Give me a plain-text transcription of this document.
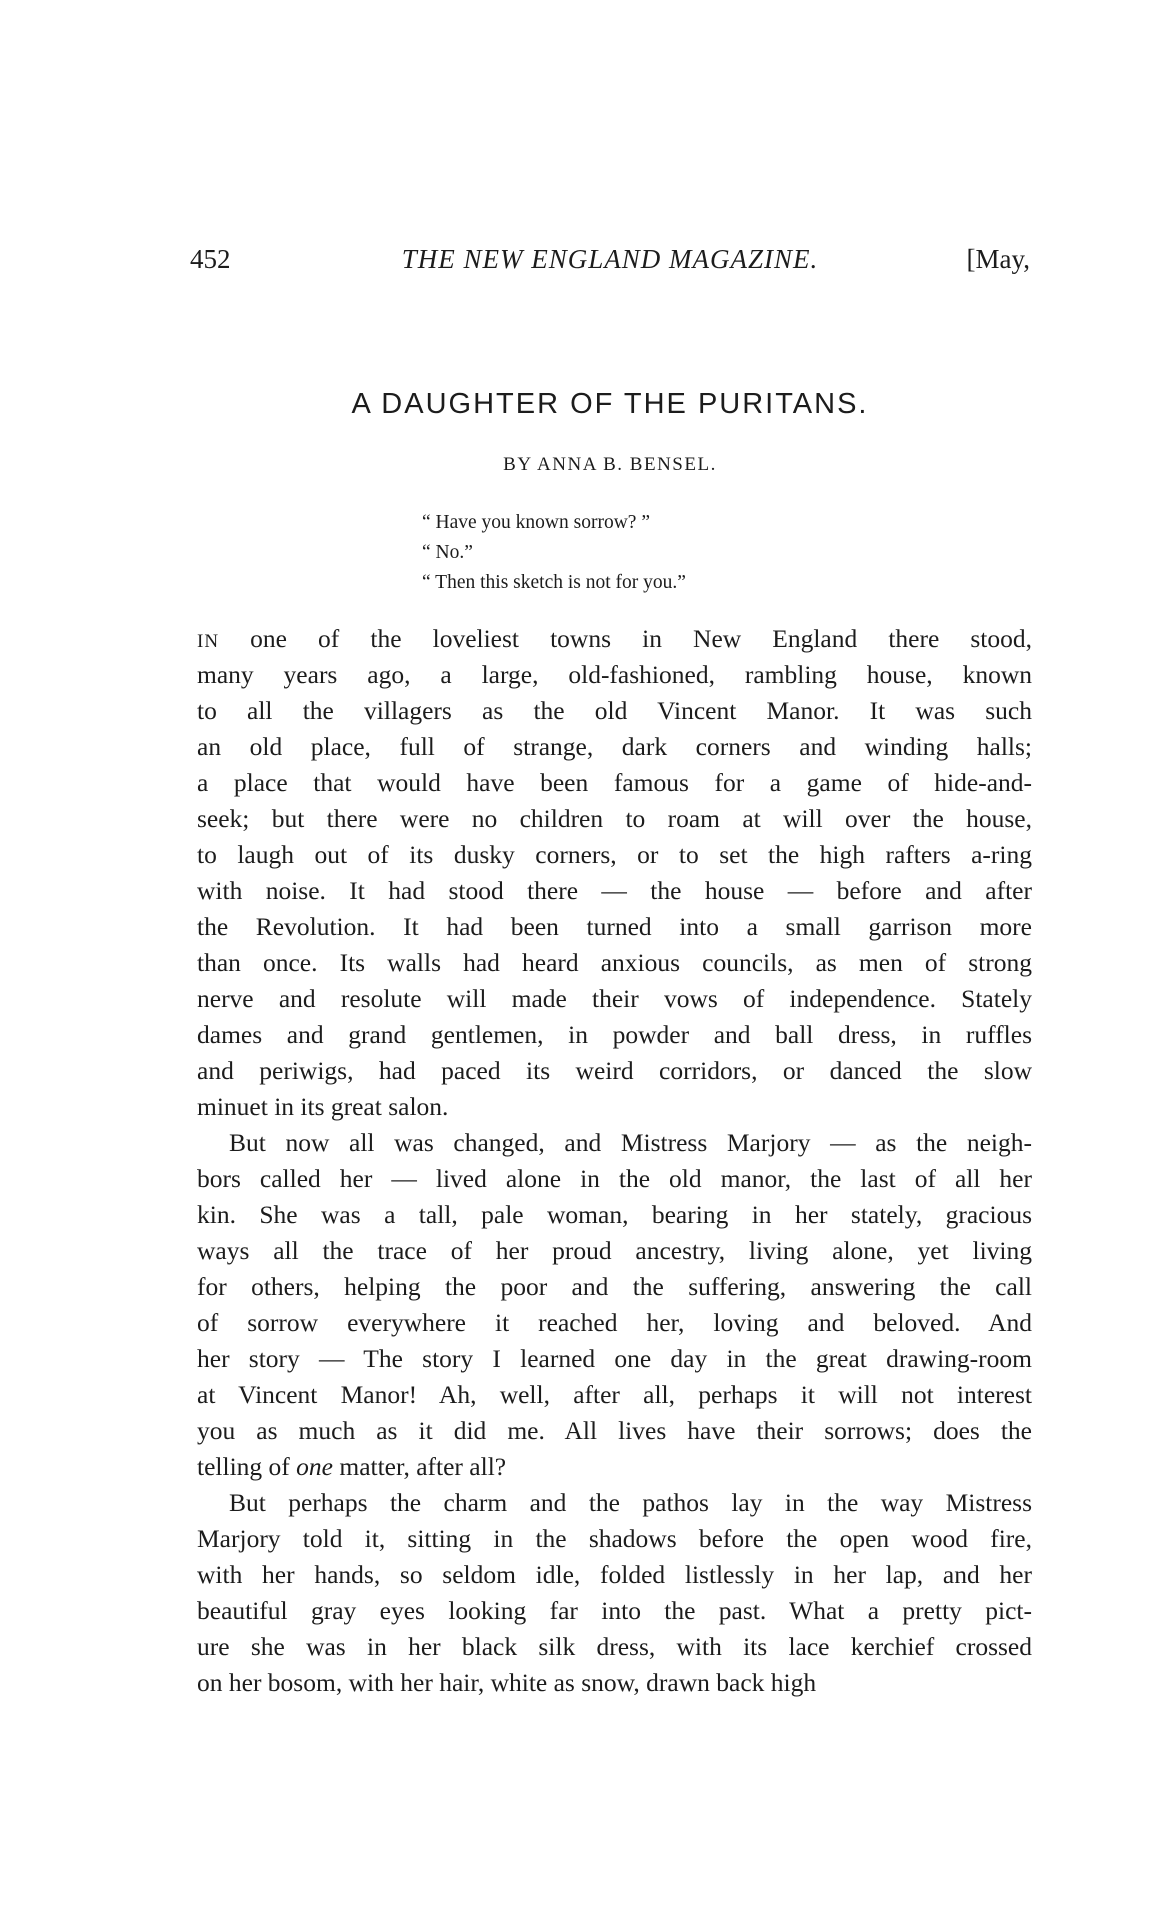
452	THE NEW ENGLAND MAGAZINE.	[May,
A DAUGHTER OF THE PURITANS.
BY ANNA B. BENSEL.
“ Have you known sorrow? ”
“ No.”
“ Then this sketch is not for you.”
IN one of the loveliest towns in New England there stood,
many years ago, a large, old-fashioned, rambling house, known
to all the villagers as the old Vincent Manor. It was such
an old place, full of strange, dark corners and winding halls;
a place that would have been famous for a game of hide-and-
seek; but there were no children to roam at will over the house,
to laugh out of its dusky corners, or to set the high rafters a-ring
with noise. It had stood there — the house — before and after
the Revolution. It had been turned into a small garrison more
than once. Its walls had heard anxious councils, as men of strong
nerve and resolute will made their vows of independence. Stately
dames and grand gentlemen, in powder and ball dress, in ruffles
and periwigs, had paced its weird corridors, or danced the slow
minuet in its great salon.
But now all was changed, and Mistress Marjory — as the neigh-
bors called her — lived alone in the old manor, the last of all her
kin. She was a tall, pale woman, bearing in her stately, gracious
ways all the trace of her proud ancestry, living alone, yet living
for others, helping the poor and the suffering, answering the call
of sorrow everywhere it reached her, loving and beloved. And
her story — The story I learned one day in the great drawing-room
at Vincent Manor! Ah, well, after all, perhaps it will not interest
you as much as it did me. All lives have their sorrows; does the
telling of one matter, after all?
But perhaps the charm and the pathos lay in the way Mistress
Marjory told it, sitting in the shadows before the open wood fire,
with her hands, so seldom idle, folded listlessly in her lap, and her
beautiful gray eyes looking far into the past. What a pretty pict-
ure she was in her black silk dress, with its lace kerchief crossed
on her bosom, with her hair, white as snow, drawn back high
